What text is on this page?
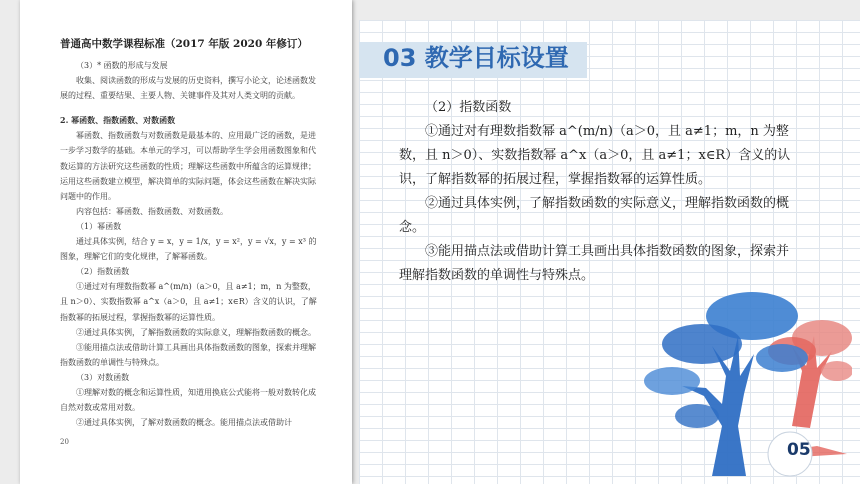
普通高中数学课程标准（2017 年版 2020 年修订）

（3）* 函数的形成与发展

收集、阅读函数的形成与发展的历史资料，撰写小论文，论述函数发展的过程、重要结果、主要人物、关键事件及其对人类文明的贡献。

2. 幂函数、指数函数、对数函数

幂函数、指数函数与对数函数是最基本的、应用最广泛的函数，是进一步学习数学的基础。本单元的学习，可以帮助学生学会用函数图象和代数运算的方法研究这些函数的性质；理解这些函数中所蕴含的运算规律；运用这些函数建立模型，解决简单的实际问题，体会这些函数在解决实际问题中的作用。

内容包括：幂函数、指数函数、对数函数。

（1）幂函数

通过具体实例，结合 y = x，y = 1/x，y = x²，y = √x，y = x³ 的图象，理解它们的变化规律，了解幂函数。

（2）指数函数

①通过对有理数指数幂 a^(m/n)（a＞0，且 a≠1；m，n 为整数，且 n＞0）、实数指数幂 a^x（a＞0，且 a≠1；x∈R）含义的认识，了解指数幂的拓展过程，掌握指数幂的运算性质。

②通过具体实例，了解指数函数的实际意义，理解指数函数的概念。

③能用描点法或借助计算工具画出具体指数函数的图象，探索并理解指数函数的单调性与特殊点。

（3）对数函数

①理解对数的概念和运算性质，知道用换底公式能将一般对数转化成自然对数或常用对数。

②通过具体实例，了解对数函数的概念。能用描点法或借助计

20
03 教学目标设置

（2）指数函数

①通过对有理数指数幂 a^(m/n)（a＞0，且 a≠1；m，n 为整数，且 n＞0）、实数指数幂 a^x（a＞0，且 a≠1；x∈R）含义的认识，了解指数幂的拓展过程，掌握指数幂的运算性质。

②通过具体实例，了解指数函数的实际意义，理解指数函数的概念。

③能用描点法或借助计算工具画出具体指数函数的图象，探索并理解指数函数的单调性与特殊点。

05
